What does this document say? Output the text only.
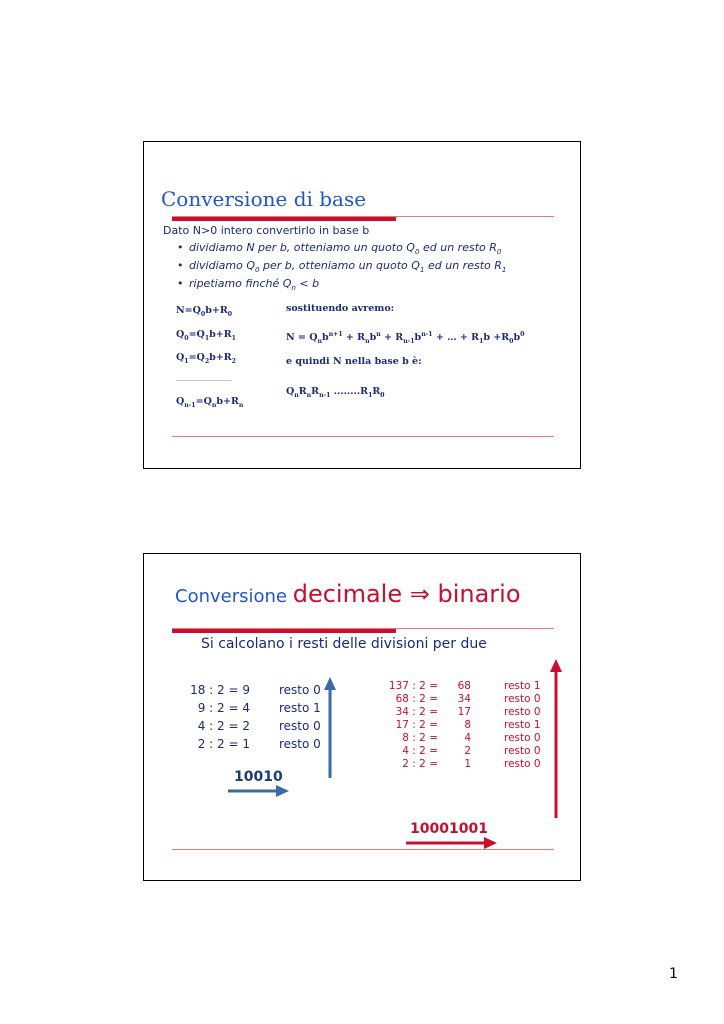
Conversione di base
Dato N>0 intero convertirlo in base b
• dividiamo N per b, otteniamo un quoto $Q_0$ ed un resto $R_0$
• dividiamo $Q_0$ per b, otteniamo un quoto $Q_1$ ed un resto $R_1$
• ripetiamo finché $Q_n < b$
$N=Q_0b+R_0$
$Q_0=Q_1b+R_1$
$Q_1=Q_2b+R_2$
……………………….
$Q_{n-1}=Q_nb+R_n$
sostituendo avremo:
$N = Q_nb^{n+1} + R_nb^n + R_{n-1}b^{n-1}$ + … + $R_1b +R_0b^0$
e quindi N nella base b è:
$Q_nR_nR_{n-1}$ $........R_1R_0$
Conversione decimale ⇒ binario
Si calcolano i resti delle divisioni per due
18 : 2 = 9 resto 0
9 : 2 = 4 resto 1
4 : 2 = 2 resto 0
2 : 2 = 1 resto 0
10010
137 : 2 =	68	resto 1
68 : 2 =	34	resto 0
34 : 2 =	17	resto 0
17 : 2 =	8	resto 1
8 : 2 =	4	resto 0
4 : 2 =	2	resto 0
2 : 2 =	1	resto 0
10001001
1
